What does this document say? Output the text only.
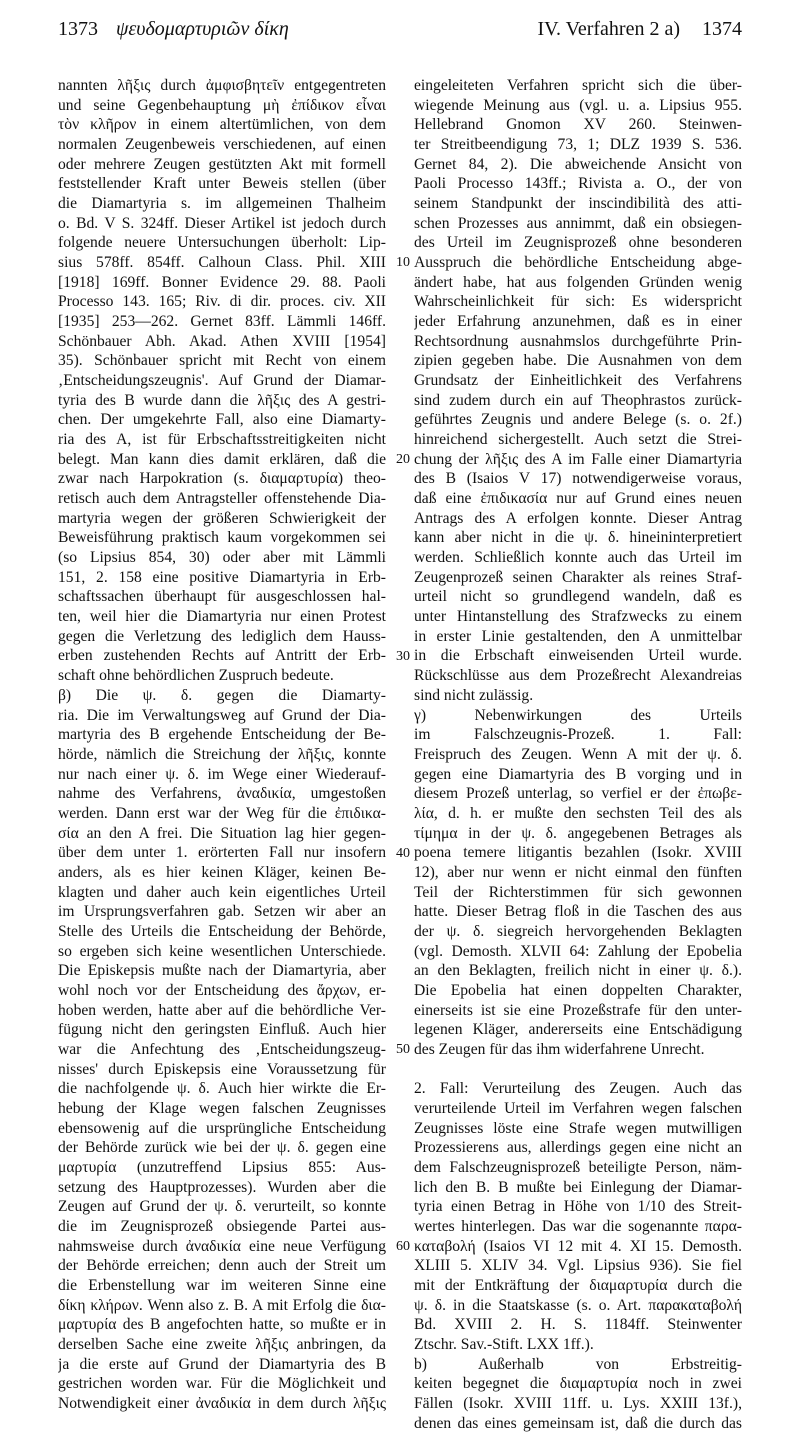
1373 ψευδομαρτυριῶν δίκη	IV. Verfahren 2 a) 1374
nannten λῆξις durch ἀμφισβητεῖν entgegentreten
und seine Gegenbehauptung μὴ ἐπίδικον εἶναι
τὸν κλῆρον in einem altertümlichen, von dem
normalen Zeugenbeweis verschiedenen, auf einen
oder mehrere Zeugen gestützten Akt mit formell
feststellender Kraft unter Beweis stellen (über
die Diamartyria s. im allgemeinen Thalheim
o. Bd. V S. 324ff. Dieser Artikel ist jedoch durch
folgende neuere Untersuchungen überholt: Lip-
sius 578ff. 854ff. Calhoun Class. Phil. XIII
[1918] 169ff. Bonner Evidence 29. 88. Paoli
Processo 143. 165; Riv. di dir. proces. civ. XII
[1935] 253—262. Gernet 83ff. Lämmli 146ff.
Schönbauer Abh. Akad. Athen XVIII [1954]
35). Schönbauer spricht mit Recht von einem
‚Entscheidungszeugnis'. Auf Grund der Diamar-
tyria des B wurde dann die λῆξις des A gestri-
chen. Der umgekehrte Fall, also eine Diamarty-
ria des A, ist für Erbschaftsstreitigkeiten nicht
belegt. Man kann dies damit erklären, daß die
zwar nach Harpokration (s. διαμαρτυρία) theo-
retisch auch dem Antragsteller offenstehende Dia-
martyria wegen der größeren Schwierigkeit der
Beweisführung praktisch kaum vorgekommen sei
(so Lipsius 854, 30) oder aber mit Lämmli
151, 2. 158 eine positive Diamartyria in Erb-
schaftssachen überhaupt für ausgeschlossen hal-
ten, weil hier die Diamartyria nur einen Protest
gegen die Verletzung des lediglich dem Hauss-
erben zustehenden Rechts auf Antritt der Erb-
schaft ohne behördlichen Zuspruch bedeute.
β) Die ψ. δ. gegen die Diamarty-
ria. Die im Verwaltungsweg auf Grund der Dia-
martyria des B ergehende Entscheidung der Be-
hörde, nämlich die Streichung der λῆξις, konnte
nur nach einer ψ. δ. im Wege einer Wiederauf-
nahme des Verfahrens, ἀναδικία, umgestoßen
werden. Dann erst war der Weg für die ἐπιδικα-
σία an den A frei. Die Situation lag hier gegen-
über dem unter 1. erörterten Fall nur insofern
anders, als es hier keinen Kläger, keinen Be-
klagten und daher auch kein eigentliches Urteil
im Ursprungsverfahren gab. Setzen wir aber an
Stelle des Urteils die Entscheidung der Behörde,
so ergeben sich keine wesentlichen Unterschiede.
Die Episkepsis mußte nach der Diamartyria, aber
wohl noch vor der Entscheidung des ἄρχων, er-
hoben werden, hatte aber auf die behördliche Ver-
fügung nicht den geringsten Einfluß. Auch hier
war die Anfechtung des ‚Entscheidungszeug-
nisses' durch Episkepsis eine Voraussetzung für
die nachfolgende ψ. δ. Auch hier wirkte die Er-
hebung der Klage wegen falschen Zeugnisses
ebensowenig auf die ursprüngliche Entscheidung
der Behörde zurück wie bei der ψ. δ. gegen eine
μαρτυρία (unzutreffend Lipsius 855: Aus-
setzung des Hauptprozesses). Wurden aber die
Zeugen auf Grund der ψ. δ. verurteilt, so konnte
die im Zeugnisprozeß obsiegende Partei aus-
nahmsweise durch ἀναδικία eine neue Verfügung
der Behörde erreichen; denn auch der Streit um
die Erbenstellung war im weiteren Sinne eine
δίκη κλήρων. Wenn also z. B. A mit Erfolg die δια-
μαρτυρία des B angefochten hatte, so mußte er in
derselben Sache eine zweite λῆξις anbringen, da
ja die erste auf Grund der Diamartyria des B
gestrichen worden war. Für die Möglichkeit und
Notwendigkeit einer ἀναδικία in dem durch λῆξις
eingeleiteten Verfahren spricht sich die über-
wiegende Meinung aus (vgl. u. a. Lipsius 955.
Hellebrand Gnomon XV 260. Steinwen-
ter Streitbeendigung 73, 1; DLZ 1939 S. 536.
Gernet 84, 2). Die abweichende Ansicht von
Paoli Processo 143ff.; Rivista a. O., der von
seinem Standpunkt der inscindibilità des atti-
schen Prozesses aus annimmt, daß ein obsiegen-
des Urteil im Zeugnisprozeß ohne besonderen
Ausspruch die behördliche Entscheidung abge-
ändert habe, hat aus folgenden Gründen wenig
Wahrscheinlichkeit für sich: Es widerspricht
jeder Erfahrung anzunehmen, daß es in einer
Rechtsordnung ausnahmslos durchgeführte Prin-
zipien gegeben habe. Die Ausnahmen von dem
Grundsatz der Einheitlichkeit des Verfahrens
sind zudem durch ein auf Theophrastos zurück-
geführtes Zeugnis und andere Belege (s. o. 2f.)
hinreichend sichergestellt. Auch setzt die Strei-
chung der λῆξις des A im Falle einer Diamartyria
des B (Isaios V 17) notwendigerweise voraus,
daß eine ἐπιδικασία nur auf Grund eines neuen
Antrags des A erfolgen konnte. Dieser Antrag
kann aber nicht in die ψ. δ. hineininterpretiert
werden. Schließlich konnte auch das Urteil im
Zeugenprozeß seinen Charakter als reines Straf-
urteil nicht so grundlegend wandeln, daß es
unter Hintanstellung des Strafzwecks zu einem
in erster Linie gestaltenden, den A unmittelbar
in die Erbschaft einweisenden Urteil wurde.
Rückschlüsse aus dem Prozeßrecht Alexandreias
sind nicht zulässig.
γ) Nebenwirkungen des Urteils
im Falschzeugnis-Prozeß. 1. Fall:
Freispruch des Zeugen. Wenn A mit der ψ. δ.
gegen eine Diamartyria des B vorging und in
diesem Prozeß unterlag, so verfiel er der ἐπωβε-
λία, d. h. er mußte den sechsten Teil des als
τίμημα in der ψ. δ. angegebenen Betrages als
poena temere litigantis bezahlen (Isokr. XVIII
12), aber nur wenn er nicht einmal den fünften
Teil der Richterstimmen für sich gewonnen
hatte. Dieser Betrag floß in die Taschen des aus
der ψ. δ. siegreich hervorgehenden Beklagten
(vgl. Demosth. XLVII 64: Zahlung der Epobelia
an den Beklagten, freilich nicht in einer ψ. δ.).
Die Epobelia hat einen doppelten Charakter,
einerseits ist sie eine Prozeßstrafe für den unter-
legenen Kläger, andererseits eine Entschädigung
des Zeugen für das ihm widerfahrene Unrecht.
2. Fall: Verurteilung des Zeugen. Auch das
verurteilende Urteil im Verfahren wegen falschen
Zeugnisses löste eine Strafe wegen mutwilligen
Prozessierens aus, allerdings gegen eine nicht an
dem Falschzeugnisprozeß beteiligte Person, näm-
lich den B. B mußte bei Einlegung der Diamar-
tyria einen Betrag in Höhe von 1/10 des Streit-
wertes hinterlegen. Das war die sogenannte παρα-
καταβολή (Isaios VI 12 mit 4. XI 15. Demosth.
XLIII 5. XLIV 34. Vgl. Lipsius 936). Sie fiel
mit der Entkräftung der διαμαρτυρία durch die
ψ. δ. in die Staatskasse (s. o. Art. παρακαταβολή
Bd. XVIII 2. H. S. 1184ff. Steinwenter
Ztschr. Sav.-Stift. LXX 1ff.).
b) Außerhalb von Erbstreitig-
keiten begegnet die διαμαρτυρία noch in zwei
Fällen (Isokr. XVIII 11ff. u. Lys. XXIII 13f.),
denen das eines gemeinsam ist, daß die durch das
10
20
30
40
50
60
